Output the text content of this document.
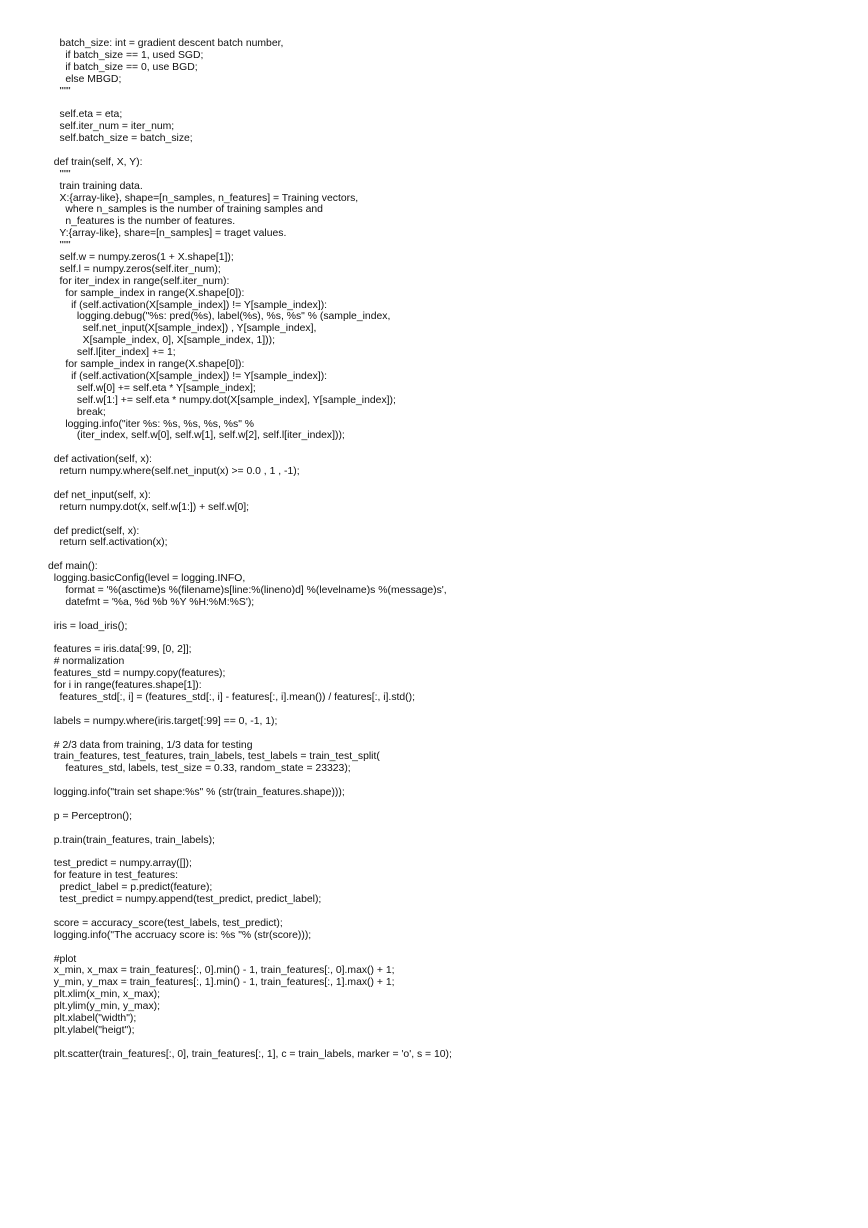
batch_size: int = gradient descent batch number,
if batch_size == 1, used SGD;
if batch_size == 0, use BGD;
else MBGD;
"""
self.eta = eta;
self.iter_num = iter_num;
self.batch_size = batch_size;
def train(self, X, Y):
"""
train training data.
X:{array-like}, shape=[n_samples, n_features] = Training vectors,
where n_samples is the number of training samples and
n_features is the number of features.
Y:{array-like}, share=[n_samples] = traget values.
"""
self.w = numpy.zeros(1 + X.shape[1]);
self.l = numpy.zeros(self.iter_num);
for iter_index in range(self.iter_num):
for sample_index in range(X.shape[0]):
if (self.activation(X[sample_index]) != Y[sample_index]):
logging.debug("%s: pred(%s), label(%s), %s, %s" % (sample_index,
self.net_input(X[sample_index]) , Y[sample_index],
X[sample_index, 0], X[sample_index, 1]));
self.l[iter_index] += 1;
for sample_index in range(X.shape[0]):
if (self.activation(X[sample_index]) != Y[sample_index]):
self.w[0] += self.eta * Y[sample_index];
self.w[1:] += self.eta * numpy.dot(X[sample_index], Y[sample_index]);
break;
logging.info("iter %s: %s, %s, %s, %s" %
(iter_index, self.w[0], self.w[1], self.w[2], self.l[iter_index]));
def activation(self, x):
return numpy.where(self.net_input(x) >= 0.0 , 1 , -1);
def net_input(self, x):
return numpy.dot(x, self.w[1:]) + self.w[0];
def predict(self, x):
return self.activation(x);
def main():
logging.basicConfig(level = logging.INFO,
format = '%(asctime)s %(filename)s[line:%(lineno)d] %(levelname)s %(message)s',
datefmt = '%a, %d %b %Y %H:%M:%S');
iris = load_iris();
features = iris.data[:99, [0, 2]];
# normalization
features_std = numpy.copy(features);
for i in range(features.shape[1]):
features_std[:, i] = (features_std[:, i] - features[:, i].mean()) / features[:, i].std();
labels = numpy.where(iris.target[:99] == 0, -1, 1);
# 2/3 data from training, 1/3 data for testing
train_features, test_features, train_labels, test_labels = train_test_split(
features_std, labels, test_size = 0.33, random_state = 23323);
logging.info("train set shape:%s" % (str(train_features.shape)));
p = Perceptron();
p.train(train_features, train_labels);
test_predict = numpy.array([]);
for feature in test_features:
predict_label = p.predict(feature);
test_predict = numpy.append(test_predict, predict_label);
score = accuracy_score(test_labels, test_predict);
logging.info("The accruacy score is: %s "% (str(score)));
#plot
x_min, x_max = train_features[:, 0].min() - 1, train_features[:, 0].max() + 1;
y_min, y_max = train_features[:, 1].min() - 1, train_features[:, 1].max() + 1;
plt.xlim(x_min, x_max);
plt.ylim(y_min, y_max);
plt.xlabel("width");
plt.ylabel("heigt");
plt.scatter(train_features[:, 0], train_features[:, 1], c = train_labels, marker = 'o', s = 10);
